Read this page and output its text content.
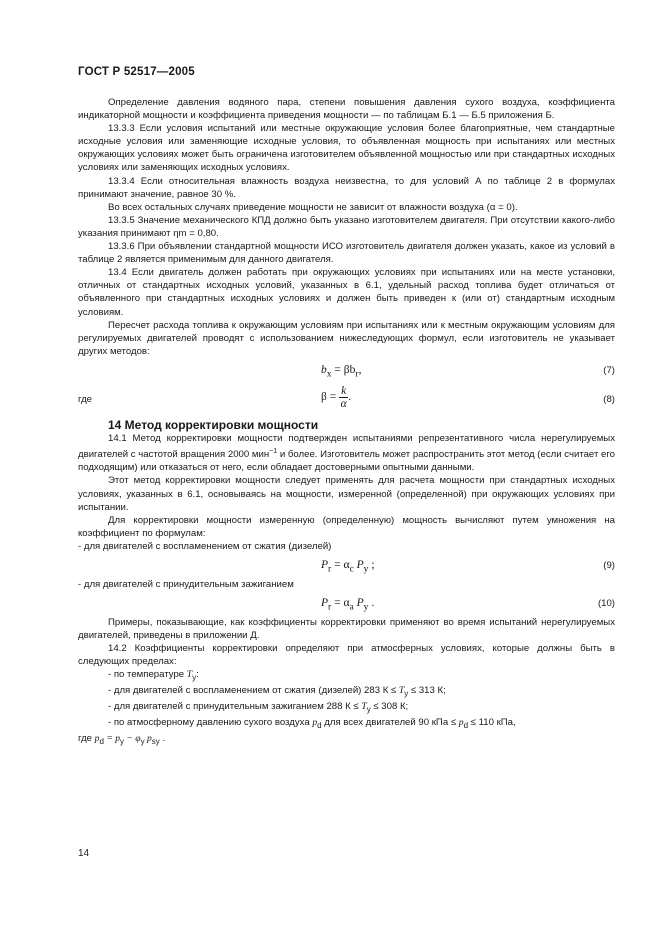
ГОСТ Р 52517—2005

Определение давления водяного пара, степени повышения давления сухого воздуха, коэффициента индикаторной мощности и коэффициента приведения мощности — по таблицам Б.1 — Б.5 приложения Б.

13.3.3 Если условия испытаний или местные окружающие условия более благоприятные, чем стандартные исходные условия или заменяющие исходные условия, то объявленная мощность при испытаниях или местных окружающих условиях может быть ограничена изготовителем объявленной мощностью или при стандартных исходных условиях или заменяющих исходных условиях.

13.3.4 Если относительная влажность воздуха неизвестна, то для условий А по таблице 2 в формулах принимают значение, равное 30 %.

Во всех остальных случаях приведение мощности не зависит от влажности воздуха (α = 0).

13.3.5 Значение механического КПД должно быть указано изготовителем двигателя. При отсутствии какого-либо указания принимают ηm = 0,80.

13.3.6 При объявлении стандартной мощности ИСО изготовитель двигателя должен указать, какое из условий в таблице 2 является применимым для данного двигателя.

13.4 Если двигатель должен работать при окружающих условиях при испытаниях или на месте установки, отличных от стандартных исходных условий, указанных в 6.1, удельный расход топлива будет отличаться от объявленного при стандартных исходных условиях и должен быть приведен к (или от) стандартным исходным условиям.

Пересчет расхода топлива к окружающим условиям при испытаниях или к местным окружающим условиям для регулируемых двигателей проводят с использованием нижеследующих формул, если изготовитель не указывает других методов:

$b_x = \beta b_r$,	(7)
где	$\beta = \frac{k}{\alpha}$ .	(8)

14 Метод корректировки мощности

14.1 Метод корректировки мощности подтвержден испытаниями репрезентативного числа нерегулируемых двигателей с частотой вращения 2000 мин$^{-1}$ и более. Изготовитель может распространить этот метод (если считает его подходящим) или отказаться от него, если обладает достоверными опытными данными.

Этот метод корректировки мощности следует применять для расчета мощности при стандартных исходных условиях, указанных в 6.1, основываясь на мощности, измеренной (определенной) при окружающих условиях при испытании.

Для корректировки мощности измеренную (определенную) мощность вычисляют путем умножения на коэффициент по формулам:

- для двигателей с воспламенением от сжатия (дизелей)

$P_r = \alpha_c$ $P_y$ ;	(9)

- для двигателей с принудительным зажиганием

$P_r = \alpha_a$ $P_y$ .	(10)

Примеры, показывающие, как коэффициенты корректировки применяют во время испытаний нерегулируемых двигателей, приведены в приложении Д.

14.2 Коэффициенты корректировки определяют при атмосферных условиях, которые должны быть в следующих пределах:

- по температуре $T_y$:

- для двигателей с воспламенением от сжатия (дизелей) 283 $К \le T_y \le 313$ К;

- для двигателей с принудительным зажиганием 288 $К \le T_y \le 308$ К;

- по атмосферному давлению сухого воздуха $p_d$ для всех двигателей 90 кПа ≤ $p_d \le 110$ кПа,

где $p_d = p_y - \varphi_y$ $p_{sy}$ .

14
